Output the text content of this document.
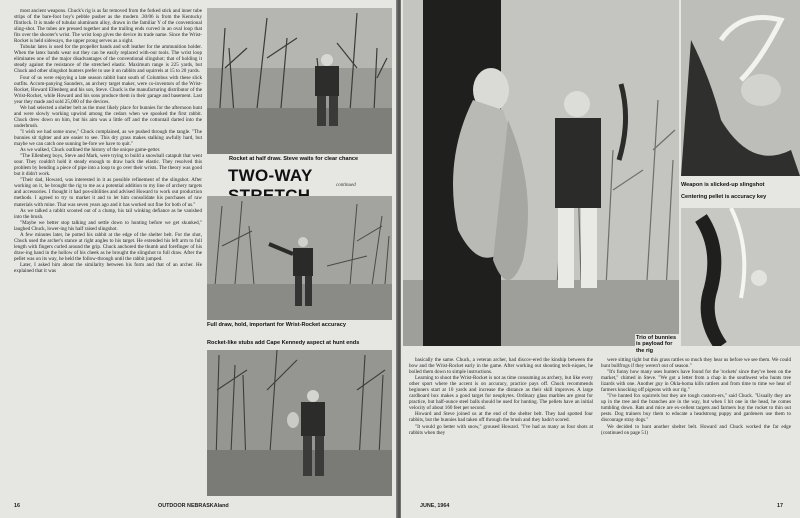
most ancient weapons. Chuck's rig is as far removed from the forked stick and inner tube strips of the bare-foot boy's pebble pusher as the modern .30/06 is from the Kentucky flintlock. It is made of tubular aluminum alloy, drawn in the familiar Y of the conventional sling-shot. The tubes are pressed together and the trailing ends curved in an oval loop that fits over the shooter's wrist. The wrist loop gives the device its trade name. Since the Wrist-Rocket is held sideways, the upper prong serves as a sight.

Tubular latex is used for the propeller bands and soft leather for the ammunition holder. When the latex bands wear out they can be easily replaced with-out tools. The wrist loop eliminates one of the major disadvantages of the conventional slingshot; that of holding it steady against the resistance of the stretched elastic. Maximum range is 225 yards, but Chuck and other slingshot hunters prefer to use it on rabbits and squirrels at 15 to 20 yards.

Four of us were enjoying a late season rabbit hunt south of Columbus with these slick outfits. Accom-panying Saunders, an archery target maker, were co-inventors of the Wrist-Rocket, Howard Ellenberg and his son, Steve. Chuck is the manufacturing distributor of the Wrist-Rocket, while Howard and his sons produce them in their garage and basement. Last year they made and sold 25,000 of the devices.

We had selected a shelter belt as the most likely place for bunnies for the afternoon hunt and were slowly working upwind among the cedars when we spooked the first rabbit. Chuck drew down on him, but his aim was a little off and the cottontail darted into the underbrush.

"I wish we had some snow," Chuck complained, as we pushed through the tangle. "The bunnies sit tighter and are easier to see. This dry grass makes stalking awfully hard, but maybe we can catch one sunning be-fore we have to quit."

As we walked, Chuck outlined the history of the unique game-getter.

"The Ellenberg boys, Steve and Mark, were trying to build a snowball catapult that went sour. They couldn't hold it steady enough to draw back the elastic. They resolved this problem by bending a piece of pipe into a loop to go over their wrists. The theory was good but it didn't work.

"Their dad, Howard, was interested in it as possible refinement of the slingshot. After working on it, he brought the rig to me as a potential addition to my line of archery targets and accessories. I thought it had pos-sibilities and advised Howard to work out production methods. I agreed to try to market it and to let him consolidate his purchases of raw materials with mine. That was seven years ago and it has worked out fine for both of us."

As we talked a rabbit scooted out of a clump, his tail winking defiance as he vanished into the brush.

"Maybe we better stop talking and settle down to hunting before we get skunked," laughed Chuck, lower-ing his half raised slingshot.

A few minutes later, he potted his rabbit at the edge of the shelter belt. For the shot, Chuck used the archer's stance at right angles to his target. He extended his left arm to full length with fingers curled around the grip. Chuck anchored the thumb and forefinger of his draw-ing hand in the hollow of his cheek as he brought the slingshot to full draw. After the pellet was on its way, he held the follow-through until the rabbit jumped.

Later, I asked him about the similarity between his form and that of an archer. He explained that it was

Rocket at half draw. Steve waits for clear chance
TWO-WAY
continued
Full draw, hold, important for Wrist-Rocket accuracy
Rocket-like stubs add Cape Kennedy aspect at hunt ends
16	OUTDOOR NEBRASKAland
Weapon is slicked-up slingshot
Centering pellet is accuracy key
Trio of bunnies is payload for the rig

basically the same. Chuck, a veteran archer, had discov-ered the kinship between the bow and the Wrist-Rocket early in the game. After working out shooting tech-niques, he boiled them down to simple instructions.

Learning to shoot the Wrist-Rocket is not as time consuming as archery, but like every other sport where the accent is on accuracy, practice pays off. Chuck recommends beginners start at 10 yards and increase the distance as their skill improves. A large cardboard box makes a good target for neophytes. Ordinary glass marbles are great for practice, but half-ounce steel balls should be used for hunting. The pellets have an initial velocity of about 160 feet per second.

Howard and Steve joined us at the end of the shelter belt. They had spotted four rabbits, but the bunnies had taken off through the brush and they hadn't scored.

"It would go better with snow," groused Howard. "I've had as many as four shots at rabbits when they

were sitting tight but this grass rattles so much they hear us before we see them. We could hunt bullfrogs if they weren't out of season."

"It's funny how many uses hunters have found for the 'rockets' since they've been on the market," chimed in Steve. "We got a letter from a chap in the southwest who hunts tree lizards with one. Another guy in Okla-homa kills rattlers and from time to time we hear of farmers knocking off pigeons with our rig."

"I've hunted fox squirrels but they are tough custom-ers," said Chuck. "Usually they are up in the tree and the branches are in the way, but when I hit one in the head, he comes tumbling down. Rats and mice are ex-cellent targets and farmers buy the rocket to thin out pests. Dog trainers buy them to educate a headstrong puppy and gardeners use them to discourage stray dogs."

We decided to hunt another shelter belt. Howard and Chuck worked the far edge (continued on page 51)

JUNE, 1964	17
